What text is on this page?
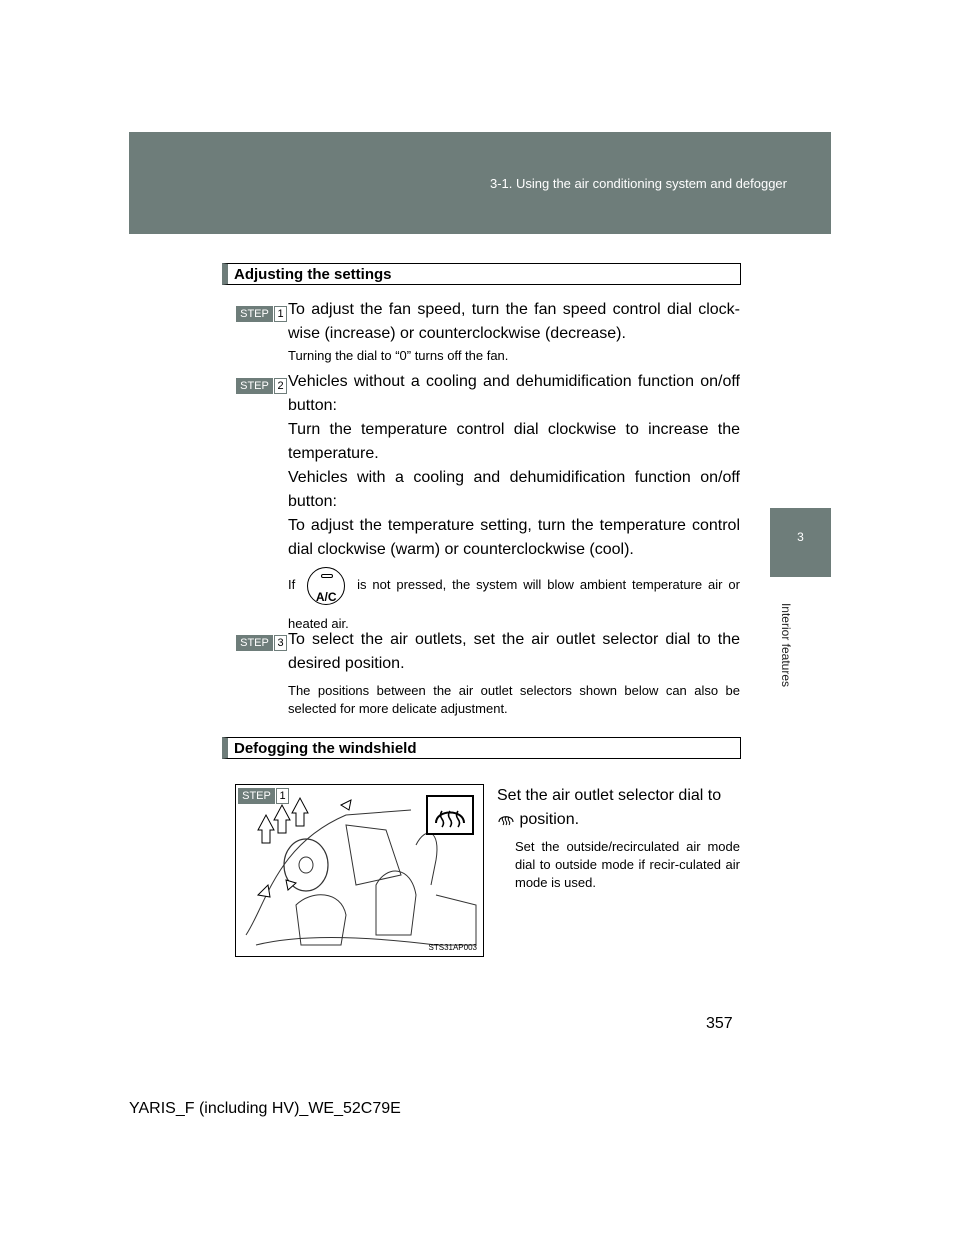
3-1. Using the air conditioning system and defogger
3
Interior features
Adjusting the settings
STEP 1 To adjust the fan speed, turn the fan speed control dial clock-wise (increase) or counterclockwise (decrease).
Turning the dial to “0” turns off the fan.
STEP 2 Vehicles without a cooling and dehumidification function on/off button:
Turn the temperature control dial clockwise to increase the temperature.
Vehicles with a cooling and dehumidification function on/off button:
To adjust the temperature setting, turn the temperature control dial clockwise (warm) or counterclockwise (cool).
If
A/C
is not pressed, the system will blow ambient temperature air or heated air.
STEP 3 To select the air outlets, set the air outlet selector dial to the desired position.
The positions between the air outlet selectors shown below can also be selected for more delicate adjustment.
Defogging the windshield
STEP 1
STS31AP003
Set the air outlet selector dial to
position.
Set the outside/recirculated air mode dial to outside mode if recir-culated air mode is used.
357
YARIS_F (including HV)_WE_52C79E
